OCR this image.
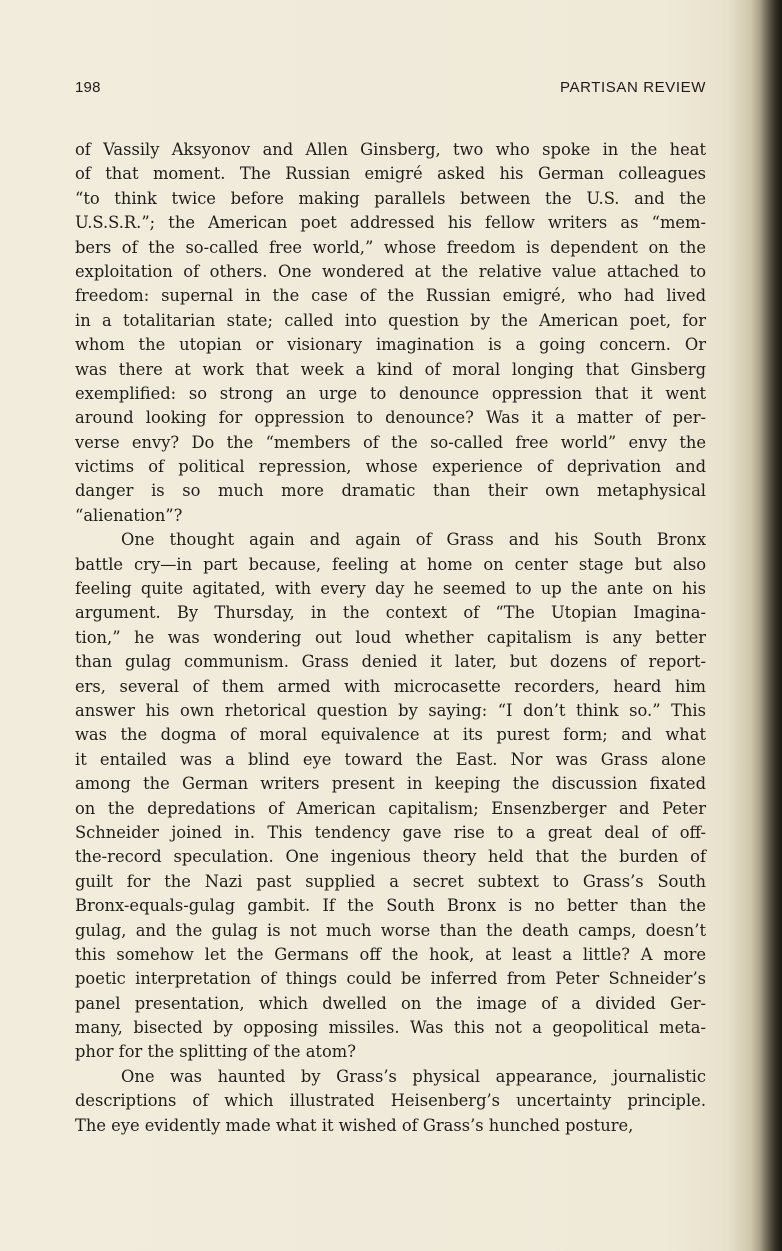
198	PARTISAN REVIEW
of Vassily Aksyonov and Allen Ginsberg, two who spoke in the heat
of that moment. The Russian emigré asked his German colleagues
“to think twice before making parallels between the U.S. and the
U.S.S.R.”; the American poet addressed his fellow writers as “mem-
bers of the so-called free world,” whose freedom is dependent on the
exploitation of others. One wondered at the relative value attached to
freedom: supernal in the case of the Russian emigré, who had lived
in a totalitarian state; called into question by the American poet, for
whom the utopian or visionary imagination is a going concern. Or
was there at work that week a kind of moral longing that Ginsberg
exemplified: so strong an urge to denounce oppression that it went
around looking for oppression to denounce? Was it a matter of per-
verse envy? Do the “members of the so-called free world” envy the
victims of political repression, whose experience of deprivation and
danger is so much more dramatic than their own metaphysical
“alienation”?
One thought again and again of Grass and his South Bronx
battle cry—in part because, feeling at home on center stage but also
feeling quite agitated, with every day he seemed to up the ante on his
argument. By Thursday, in the context of “The Utopian Imagina-
tion,” he was wondering out loud whether capitalism is any better
than gulag communism. Grass denied it later, but dozens of report-
ers, several of them armed with microcasette recorders, heard him
answer his own rhetorical question by saying: “I don’t think so.” This
was the dogma of moral equivalence at its purest form; and what
it entailed was a blind eye toward the East. Nor was Grass alone
among the German writers present in keeping the discussion fixated
on the depredations of American capitalism; Ensenzberger and Peter
Schneider joined in. This tendency gave rise to a great deal of off-
the-record speculation. One ingenious theory held that the burden of
guilt for the Nazi past supplied a secret subtext to Grass’s South
Bronx-equals-gulag gambit. If the South Bronx is no better than the
gulag, and the gulag is not much worse than the death camps, doesn’t
this somehow let the Germans off the hook, at least a little? A more
poetic interpretation of things could be inferred from Peter Schneider’s
panel presentation, which dwelled on the image of a divided Ger-
many, bisected by opposing missiles. Was this not a geopolitical meta-
phor for the splitting of the atom?
One was haunted by Grass’s physical appearance, journalistic
descriptions of which illustrated Heisenberg’s uncertainty principle.
The eye evidently made what it wished of Grass’s hunched posture,
